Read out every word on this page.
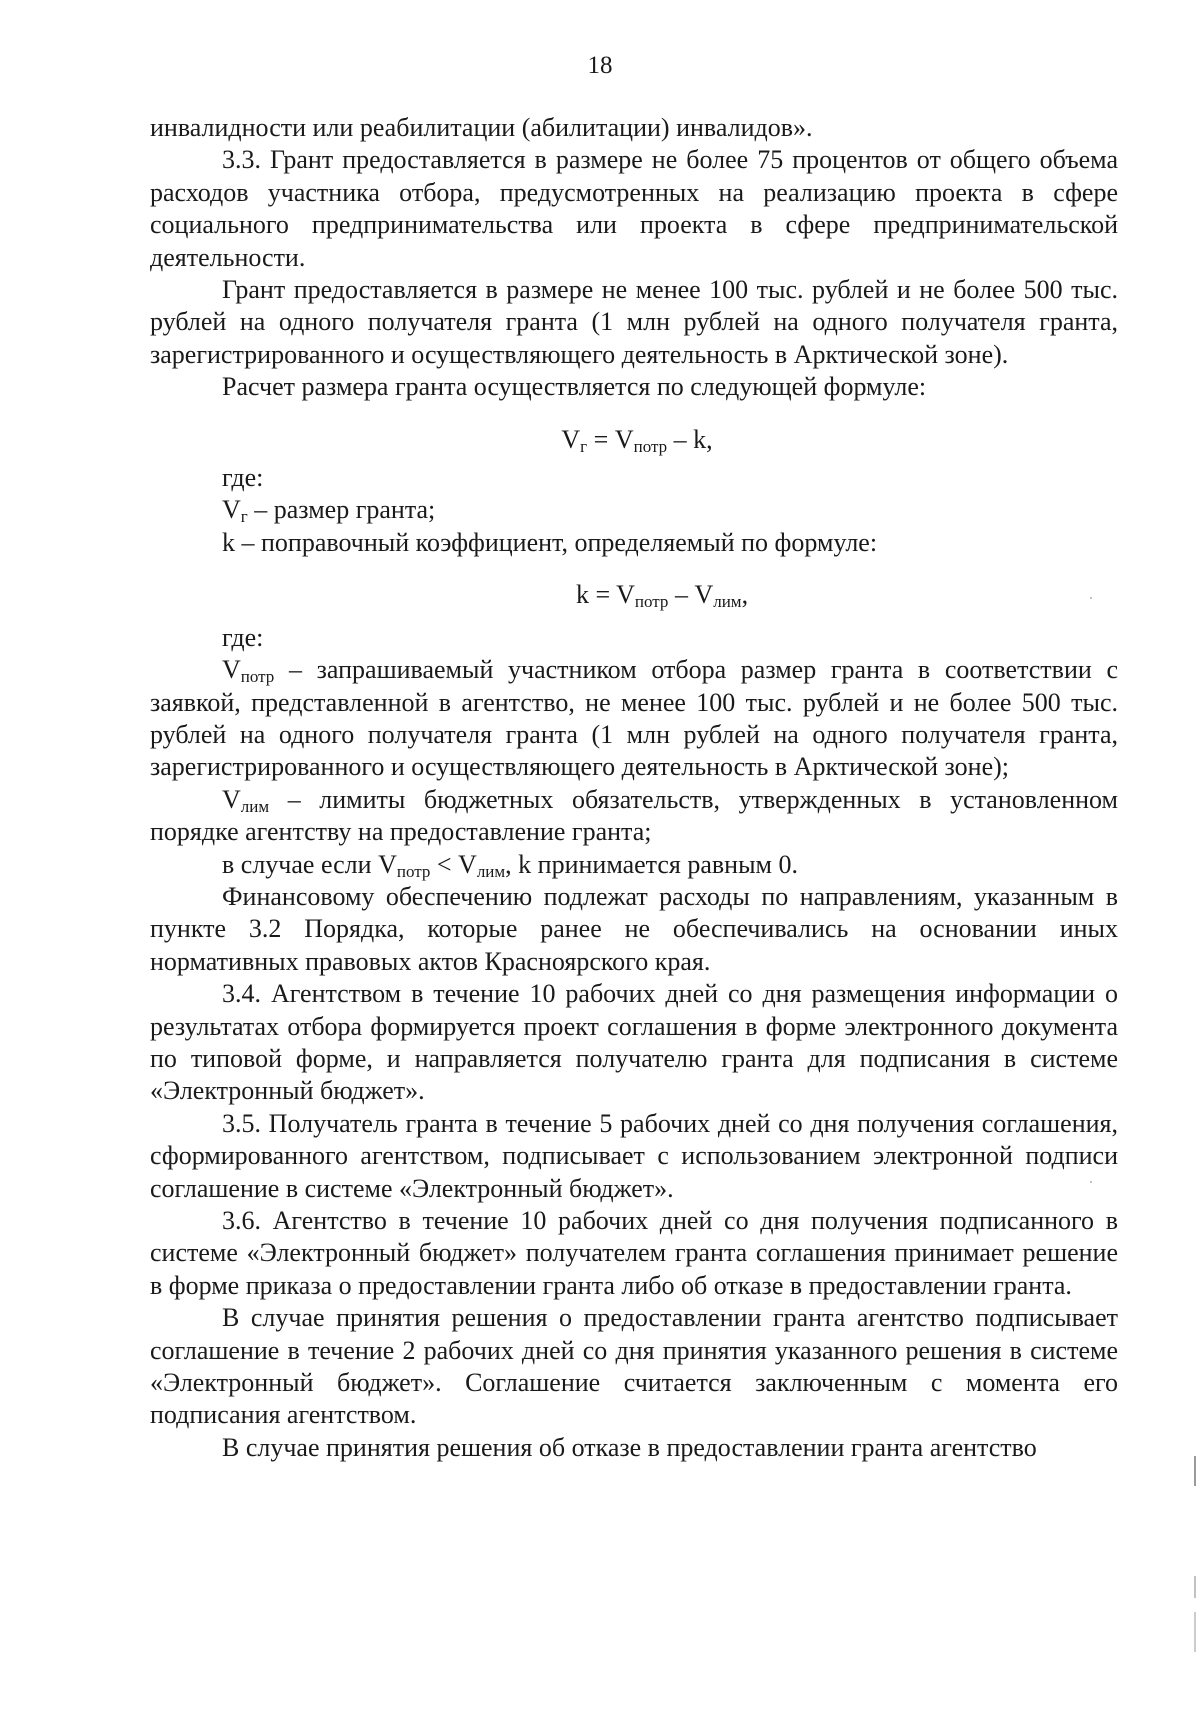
18

инвалидности или реабилитации (абилитации) инвалидов».

3.3. Грант предоставляется в размере не более 75 процентов от общего объема расходов участника отбора, предусмотренных на реализацию проекта в сфере социального предпринимательства или проекта в сфере предпринимательской деятельности.

Грант предоставляется в размере не менее 100 тыс. рублей и не более 500 тыс. рублей на одного получателя гранта (1 млн рублей на одного получателя гранта, зарегистрированного и осуществляющего деятельность в Арктической зоне).

Расчет размера гранта осуществляется по следующей формуле:

$V_г = V_{потр} - k$,

где:

$V_г$ – размер гранта;

k – поправочный коэффициент, определяемый по формуле:

$k = V_{потр} - V_{лим}$,

где:

$V_{потр}$ – запрашиваемый участником отбора размер гранта в соответствии с заявкой, представленной в агентство, не менее 100 тыс. рублей и не более 500 тыс. рублей на одного получателя гранта (1 млн рублей на одного получателя гранта, зарегистрированного и осуществляющего деятельность в Арктической зоне);

$V_{лим}$ – лимиты бюджетных обязательств, утвержденных в установленном порядке агентству на предоставление гранта;

в случае если $V_{потр} < V_{лим}$, k принимается равным 0.

Финансовому обеспечению подлежат расходы по направлениям, указанным в пункте 3.2 Порядка, которые ранее не обеспечивались на основании иных нормативных правовых актов Красноярского края.

3.4. Агентством в течение 10 рабочих дней со дня размещения информации о результатах отбора формируется проект соглашения в форме электронного документа по типовой форме, и направляется получателю гранта для подписания в системе «Электронный бюджет».

3.5. Получатель гранта в течение 5 рабочих дней со дня получения соглашения, сформированного агентством, подписывает с использованием электронной подписи соглашение в системе «Электронный бюджет».

3.6. Агентство в течение 10 рабочих дней со дня получения подписанного в системе «Электронный бюджет» получателем гранта соглашения принимает решение в форме приказа о предоставлении гранта либо об отказе в предоставлении гранта.

В случае принятия решения о предоставлении гранта агентство подписывает соглашение в течение 2 рабочих дней со дня принятия указанного решения в системе «Электронный бюджет». Соглашение считается заключенным с момента его подписания агентством.

В случае принятия решения об отказе в предоставлении гранта агентство
